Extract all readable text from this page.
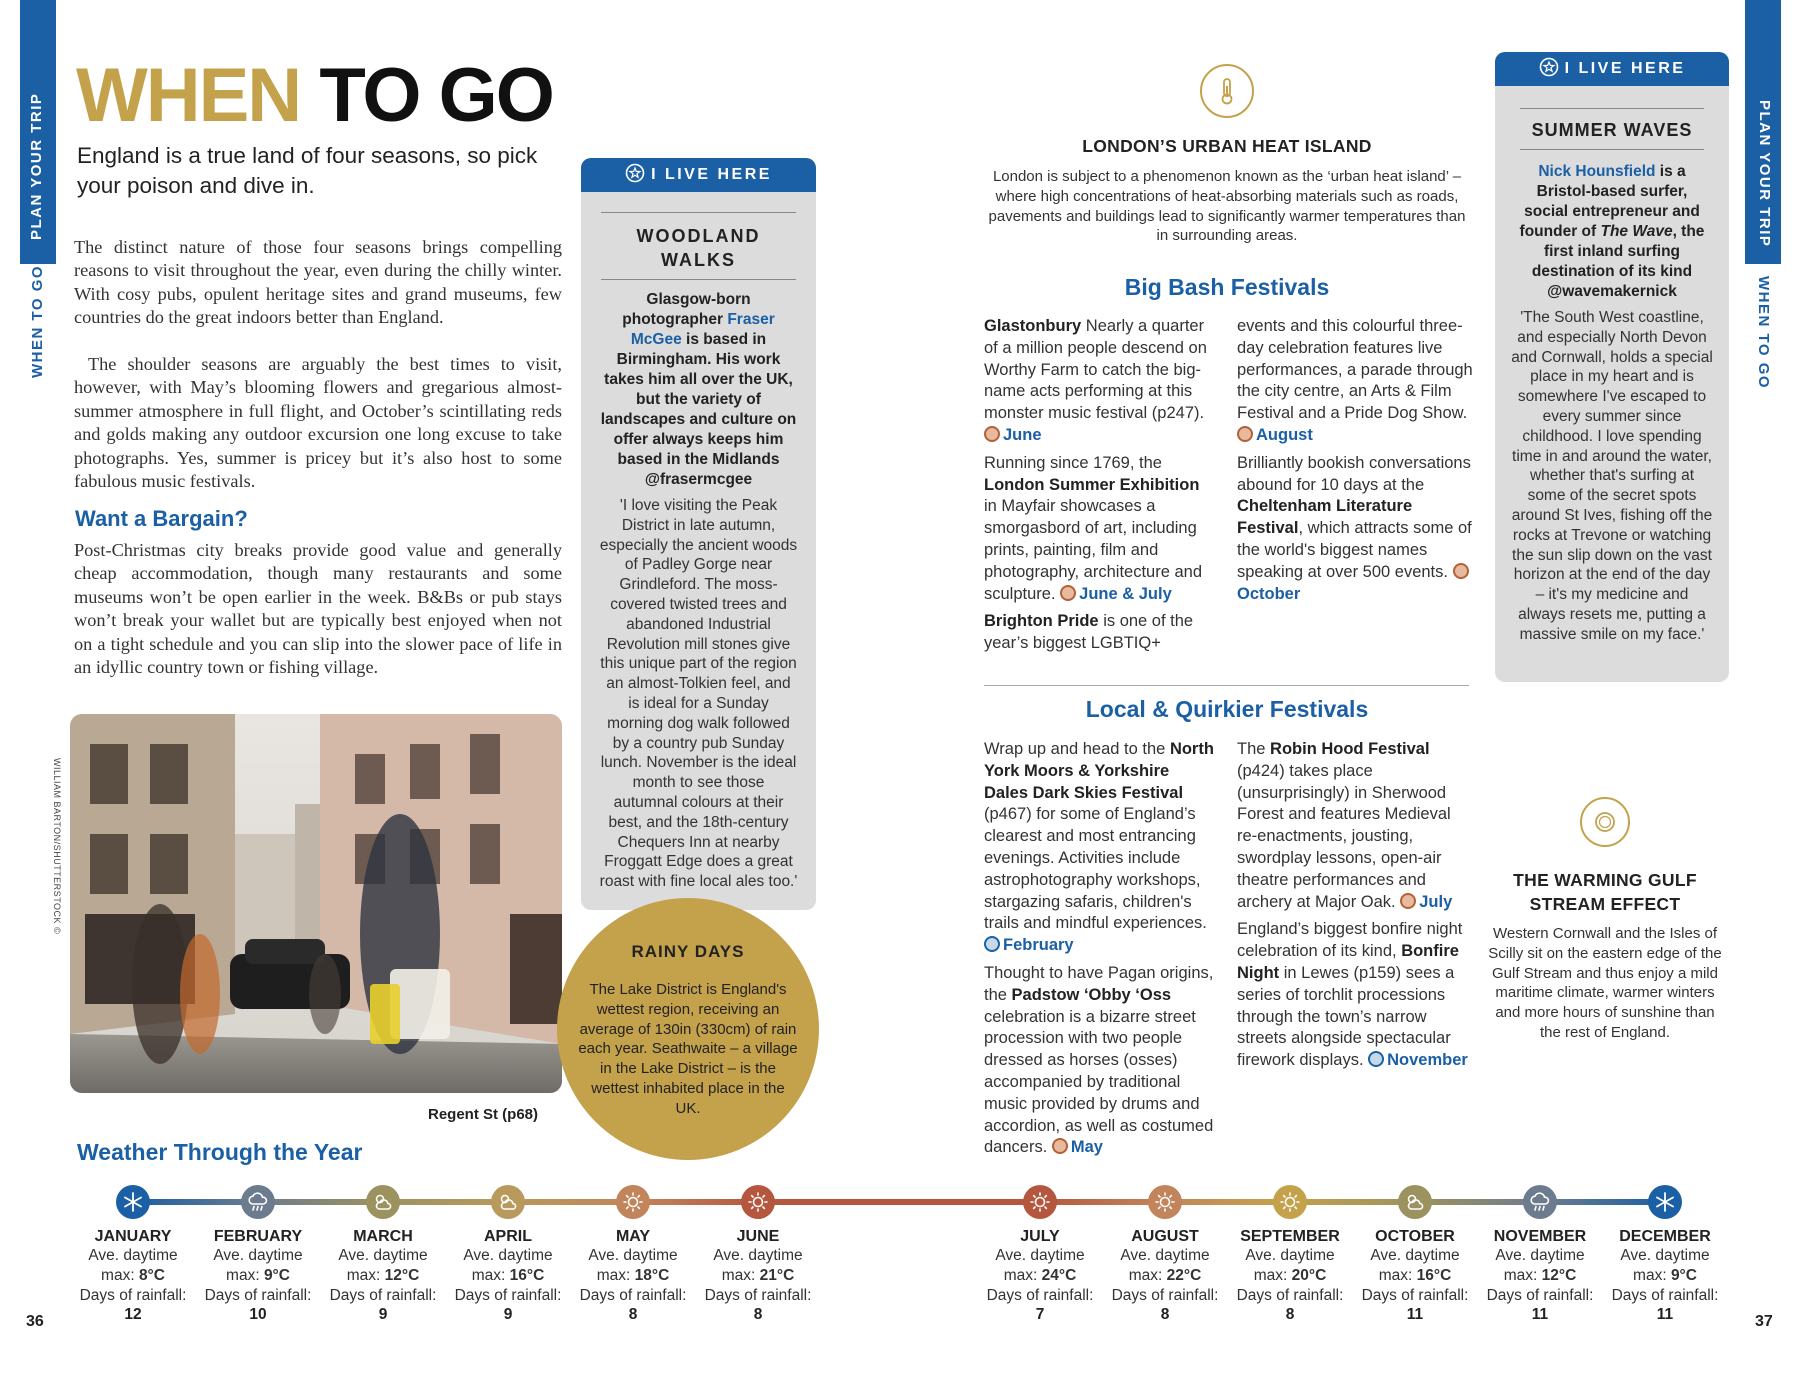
PLAN YOUR TRIP
WHEN TO GO
PLAN YOUR TRIP
WHEN TO GO
WHEN TO GO
England is a true land of four seasons, so pick your poison and dive in.
The distinct nature of those four seasons brings compelling reasons to visit throughout the year, even during the chilly winter. With cosy pubs, opulent heritage sites and grand museums, few countries do the great indoors better than England.
The shoulder seasons are arguably the best times to visit, however, with May’s blooming flowers and gregarious almost-summer atmosphere in full flight, and October’s scintillating reds and golds making any outdoor excursion one long excuse to take photographs. Yes, summer is pricey but it’s also host to some fabulous music festivals.
Want a Bargain?
Post-Christmas city breaks provide good value and generally cheap accommodation, though many restaurants and some museums won’t be open earlier in the week. B&Bs or pub stays won’t break your wallet but are typically best enjoyed when not on a tight schedule and you can slip into the slower pace of life in an idyllic country town or fishing village.
WILLIAM BARTON/SHUTTERSTOCK ©
Regent St (p68)
I LIVE HERE
WOODLAND WALKS
Glasgow-born photographer Fraser McGee is based in Birmingham. His work takes him all over the UK, but the variety of landscapes and culture on offer always keeps him based in the Midlands @frasermcgee
'I love visiting the Peak District in late autumn, especially the ancient woods of Padley Gorge near Grindleford. The moss-covered twisted trees and abandoned Industrial Revolution mill stones give this unique part of the region an almost-Tolkien feel, and is ideal for a Sunday morning dog walk followed by a country pub Sunday lunch. November is the ideal month to see those autumnal colours at their best, and the 18th-century Chequers Inn at nearby Froggatt Edge does a great roast with fine local ales too.'
RAINY DAYS
The Lake District is England's wettest region, receiving an average of 130in (330cm) of rain each year. Seathwaite – a village in the Lake District – is the wettest inhabited place in the UK.
LONDON’S URBAN HEAT ISLAND
London is subject to a phenomenon known as the ‘urban heat island’ – where high concentrations of heat-absorbing materials such as roads, pavements and buildings lead to significantly warmer temperatures than in surrounding areas.
Big Bash Festivals

Glastonbury Nearly a quarter of a million people descend on Worthy Farm to catch the big-name acts performing at this monster music festival (p247). June

Running since 1769, the London Summer Exhibition in Mayfair showcases a smorgasbord of art, including prints, painting, film and photography, architecture and sculpture. June & July

Brighton Pride is one of the year’s biggest LGBTIQ+

events and this colourful three-day celebration features live performances, a parade through the city centre, an Arts & Film Festival and a Pride Dog Show. August

Brilliantly bookish conversations abound for 10 days at the Cheltenham Literature Festival, which attracts some of the world's biggest names speaking at over 500 events. October

Local & Quirkier Festivals

Wrap up and head to the North York Moors & Yorkshire Dales Dark Skies Festival (p467) for some of England’s clearest and most entrancing evenings. Activities include astrophotography workshops, stargazing safaris, children's trails and mindful experiences. February

Thought to have Pagan origins, the Padstow ‘Obby ‘Oss celebration is a bizarre street procession with two people dressed as horses (osses) accompanied by traditional music provided by drums and accordion, as well as costumed dancers. May

The Robin Hood Festival (p424) takes place (unsurprisingly) in Sherwood Forest and features Medieval re-enactments, jousting, swordplay lessons, open-air theatre performances and archery at Major Oak. July

England’s biggest bonfire night celebration of its kind, Bonfire Night in Lewes (p159) sees a series of torchlit processions through the town’s narrow streets alongside spectacular firework displays. November

I LIVE HERE
SUMMER WAVES
Nick Hounsfield is a Bristol-based surfer, social entrepreneur and founder of The Wave, the first inland surfing destination of its kind @wavemakernick
'The South West coastline, and especially North Devon and Cornwall, holds a special place in my heart and is somewhere I've escaped to every summer since childhood. I love spending time in and around the water, whether that's surfing at some of the secret spots around St Ives, fishing off the rocks at Trevone or watching the sun slip down on the vast horizon at the end of the day – it's my medicine and always resets me, putting a massive smile on my face.'
THE WARMING GULF STREAM EFFECT
Western Cornwall and the Isles of Scilly sit on the eastern edge of the Gulf Stream and thus enjoy a mild maritime climate, warmer winters and more hours of sunshine than the rest of England.
Weather Through the Year
JANUARY
Ave. daytime
max: 8°C
Days of rainfall:
12
FEBRUARY
Ave. daytime
max: 9°C
Days of rainfall:
10
MARCH
Ave. daytime
max: 12°C
Days of rainfall:
9
APRIL
Ave. daytime
max: 16°C
Days of rainfall:
9
MAY
Ave. daytime
max: 18°C
Days of rainfall:
8
JUNE
Ave. daytime
max: 21°C
Days of rainfall:
8
JULY
Ave. daytime
max: 24°C
Days of rainfall:
7
AUGUST
Ave. daytime
max: 22°C
Days of rainfall:
8
SEPTEMBER
Ave. daytime
max: 20°C
Days of rainfall:
8
OCTOBER
Ave. daytime
max: 16°C
Days of rainfall:
11
NOVEMBER
Ave. daytime
max: 12°C
Days of rainfall:
11
DECEMBER
Ave. daytime
max: 9°C
Days of rainfall:
11
36	37
